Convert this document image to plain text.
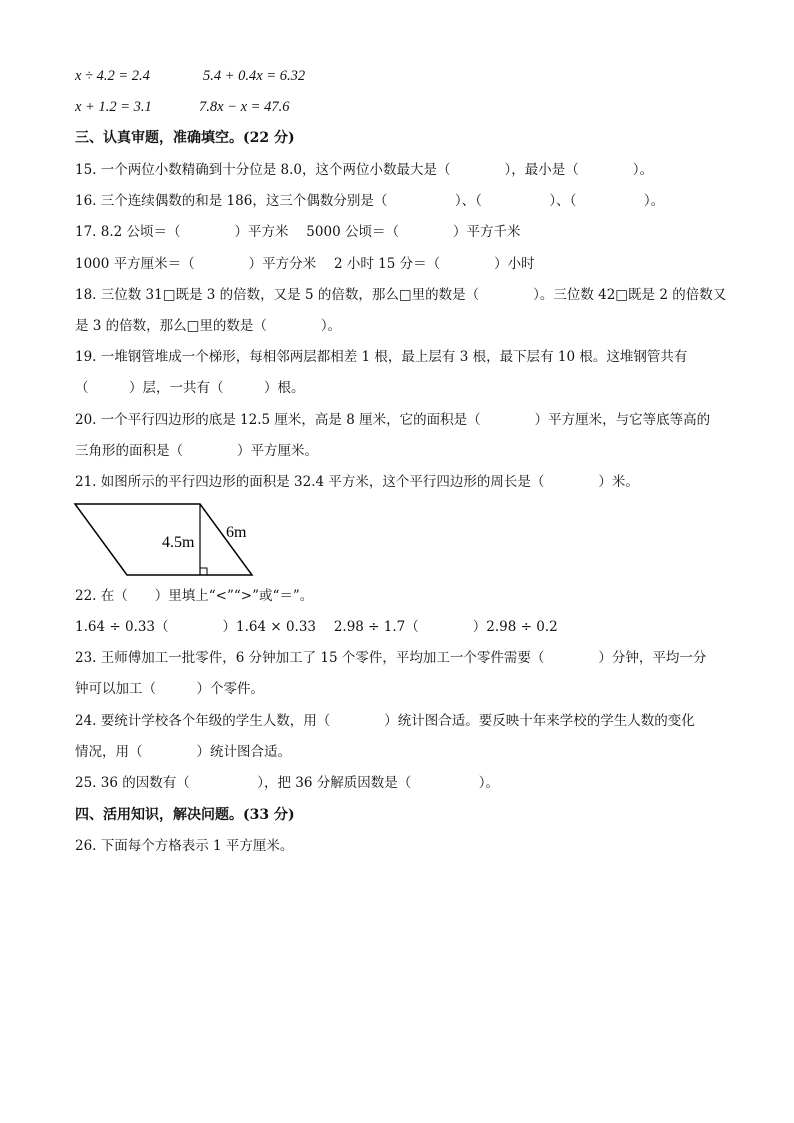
x ÷ 4.2 = 2.4	5.4 + 0.4x = 6.32
x + 1.2 = 3.1	7.8x − x = 47.6
三、认真审题，准确填空。(22 分)
15. 一个两位小数精确到十分位是 8.0，这个两位小数最大是（　　　　），最小是（　　　　）。
16. 三个连续偶数的和是 186，这三个偶数分别是（　　　　　）、（　　　　　）、（　　　　　）。
17. 8.2 公顷＝（　　　　）平方米　 5000 公顷＝（　　　　）平方千米
1000 平方厘米＝（　　　　）平方分米　 2 小时 15 分＝（　　　　）小时
18. 三位数 31□既是 3 的倍数，又是 5 的倍数，那么□里的数是（　　　　）。三位数 42□既是 2 的倍数又
是 3 的倍数，那么□里的数是（　　　　）。
19. 一堆钢管堆成一个梯形，每相邻两层都相差 1 根，最上层有 3 根，最下层有 10 根。这堆钢管共有
（　　　）层，一共有（　　　）根。
20. 一个平行四边形的底是 12.5 厘米，高是 8 厘米，它的面积是（　　　　）平方厘米，与它等底等高的
三角形的面积是（　　　　）平方厘米。
21. 如图所示的平行四边形的面积是 32.4 平方米，这个平行四边形的周长是（　　　　）米。
4.5m
6m
22. 在（　　）里填上“<”“>”或“＝”。
1.64 ÷ 0.33（　　　　）1.64 × 0.33　 2.98 ÷ 1.7（　　　　）2.98 ÷ 0.2
23. 王师傅加工一批零件，6 分钟加工了 15 个零件，平均加工一个零件需要（　　　　）分钟，平均一分
钟可以加工（　　　）个零件。
24. 要统计学校各个年级的学生人数，用（　　　　）统计图合适。要反映十年来学校的学生人数的变化
情况，用（　　　　）统计图合适。
25. 36 的因数有（　　　　　），把 36 分解质因数是（　　　　　）。
四、活用知识，解决问题。(33 分)
26. 下面每个方格表示 1 平方厘米。
